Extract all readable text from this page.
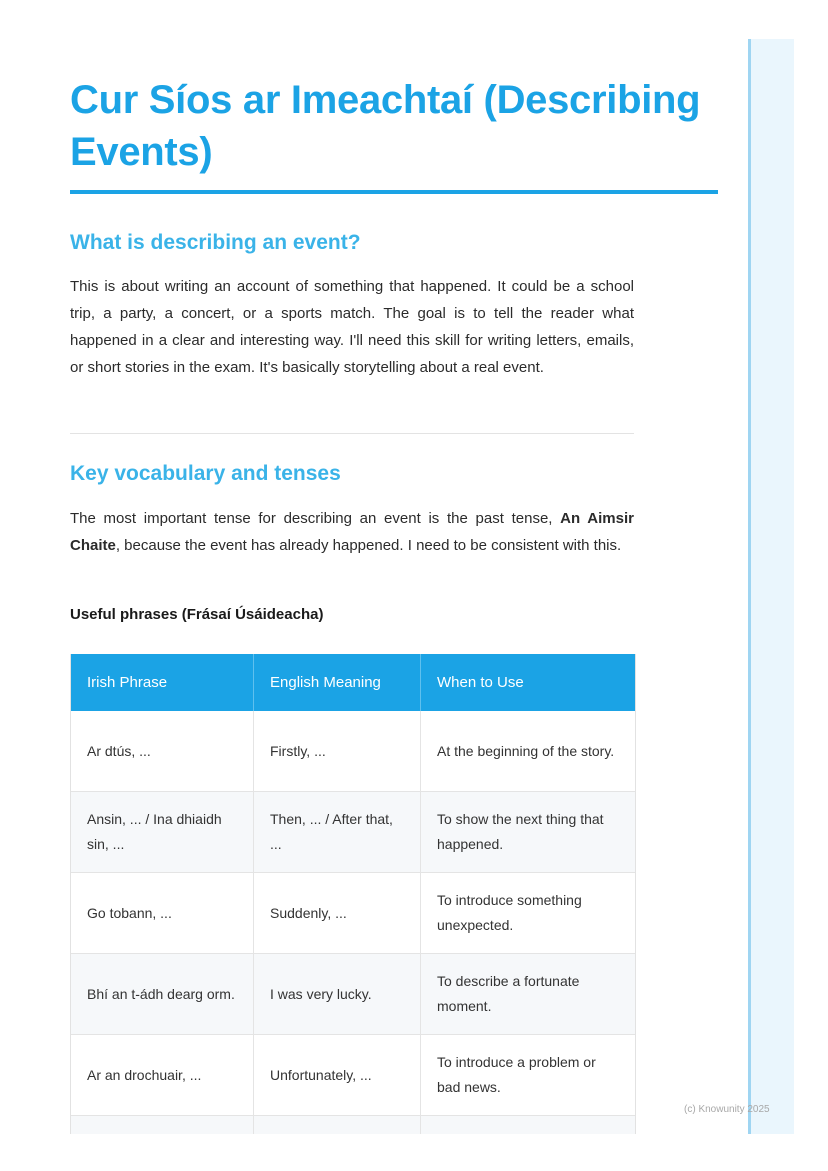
Cur Síos ar Imeachtaí (Describing Events)
What is describing an event?

This is about writing an account of something that happened. It could be a school trip, a party, a concert, or a sports match. The goal is to tell the reader what happened in a clear and interesting way. I'll need this skill for writing letters, emails, or short stories in the exam. It's basically storytelling about a real event.

Key vocabulary and tenses

The most important tense for describing an event is the past tense, An Aimsir Chaite, because the event has already happened. I need to be consistent with this.

Useful phrases (Frásaí Úsáideacha)

Irish Phrase	English Meaning	When to Use
Ar dtús, ...	Firstly, ...	At the beginning of the story.
Ansin, ... / Ina dhiaidh sin, ...	Then, ... / After that, ...	To show the next thing that happened.
Go tobann, ...	Suddenly, ...	To introduce something unexpected.
Bhí an t-ádh dearg orm.	I was very lucky.	To describe a fortunate moment.
Ar an drochuair, ...	Unfortunately, ...	To introduce a problem or bad news.

(c) Knowunity 2025
